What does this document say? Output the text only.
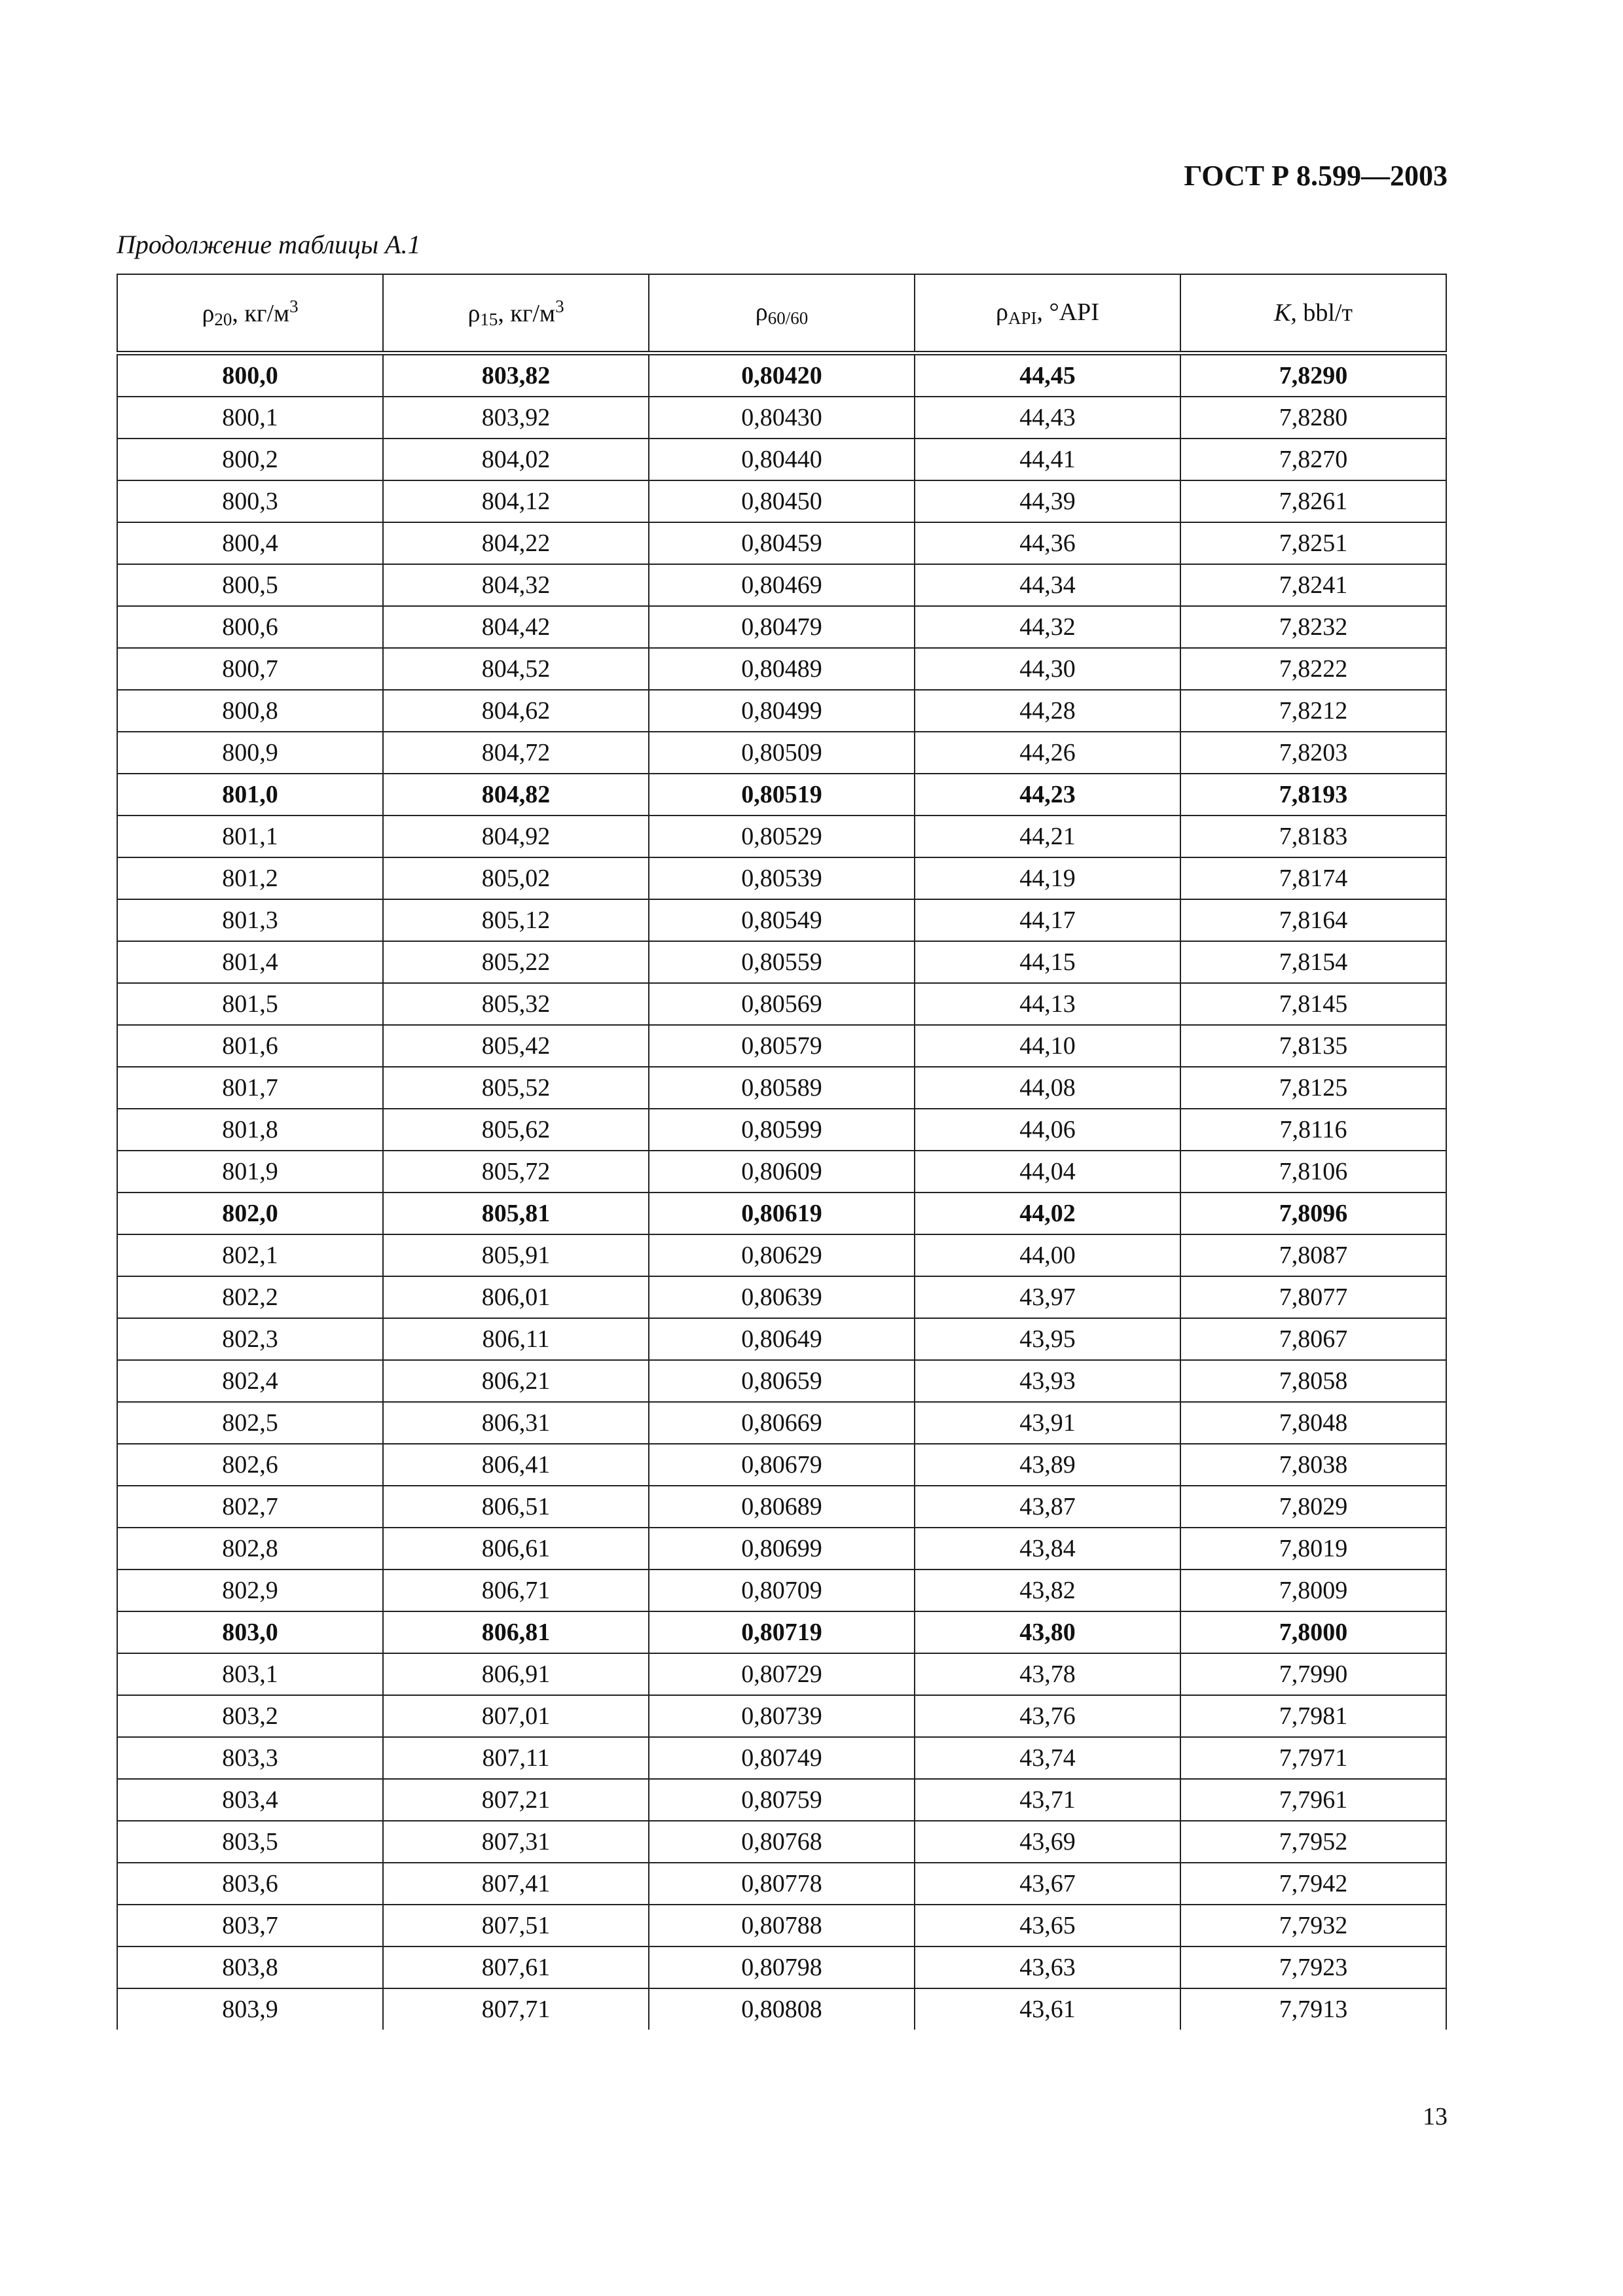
ГОСТ Р 8.599—2003
Продолжение таблицы А.1
$\rho_{20}$, $кг/м^3$	$\rho_{15}$, $кг/м^3$	$\rho_{60/60}$	$\rho_{API}$, °API	K, bbl/т
800,0	803,82	0,80420	44,45	7,8290
800,1	803,92	0,80430	44,43	7,8280
800,2	804,02	0,80440	44,41	7,8270
800,3	804,12	0,80450	44,39	7,8261
800,4	804,22	0,80459	44,36	7,8251
800,5	804,32	0,80469	44,34	7,8241
800,6	804,42	0,80479	44,32	7,8232
800,7	804,52	0,80489	44,30	7,8222
800,8	804,62	0,80499	44,28	7,8212
800,9	804,72	0,80509	44,26	7,8203
801,0	804,82	0,80519	44,23	7,8193
801,1	804,92	0,80529	44,21	7,8183
801,2	805,02	0,80539	44,19	7,8174
801,3	805,12	0,80549	44,17	7,8164
801,4	805,22	0,80559	44,15	7,8154
801,5	805,32	0,80569	44,13	7,8145
801,6	805,42	0,80579	44,10	7,8135
801,7	805,52	0,80589	44,08	7,8125
801,8	805,62	0,80599	44,06	7,8116
801,9	805,72	0,80609	44,04	7,8106
802,0	805,81	0,80619	44,02	7,8096
802,1	805,91	0,80629	44,00	7,8087
802,2	806,01	0,80639	43,97	7,8077
802,3	806,11	0,80649	43,95	7,8067
802,4	806,21	0,80659	43,93	7,8058
802,5	806,31	0,80669	43,91	7,8048
802,6	806,41	0,80679	43,89	7,8038
802,7	806,51	0,80689	43,87	7,8029
802,8	806,61	0,80699	43,84	7,8019
802,9	806,71	0,80709	43,82	7,8009
803,0	806,81	0,80719	43,80	7,8000
803,1	806,91	0,80729	43,78	7,7990
803,2	807,01	0,80739	43,76	7,7981
803,3	807,11	0,80749	43,74	7,7971
803,4	807,21	0,80759	43,71	7,7961
803,5	807,31	0,80768	43,69	7,7952
803,6	807,41	0,80778	43,67	7,7942
803,7	807,51	0,80788	43,65	7,7932
803,8	807,61	0,80798	43,63	7,7923
803,9	807,71	0,80808	43,61	7,7913
13
